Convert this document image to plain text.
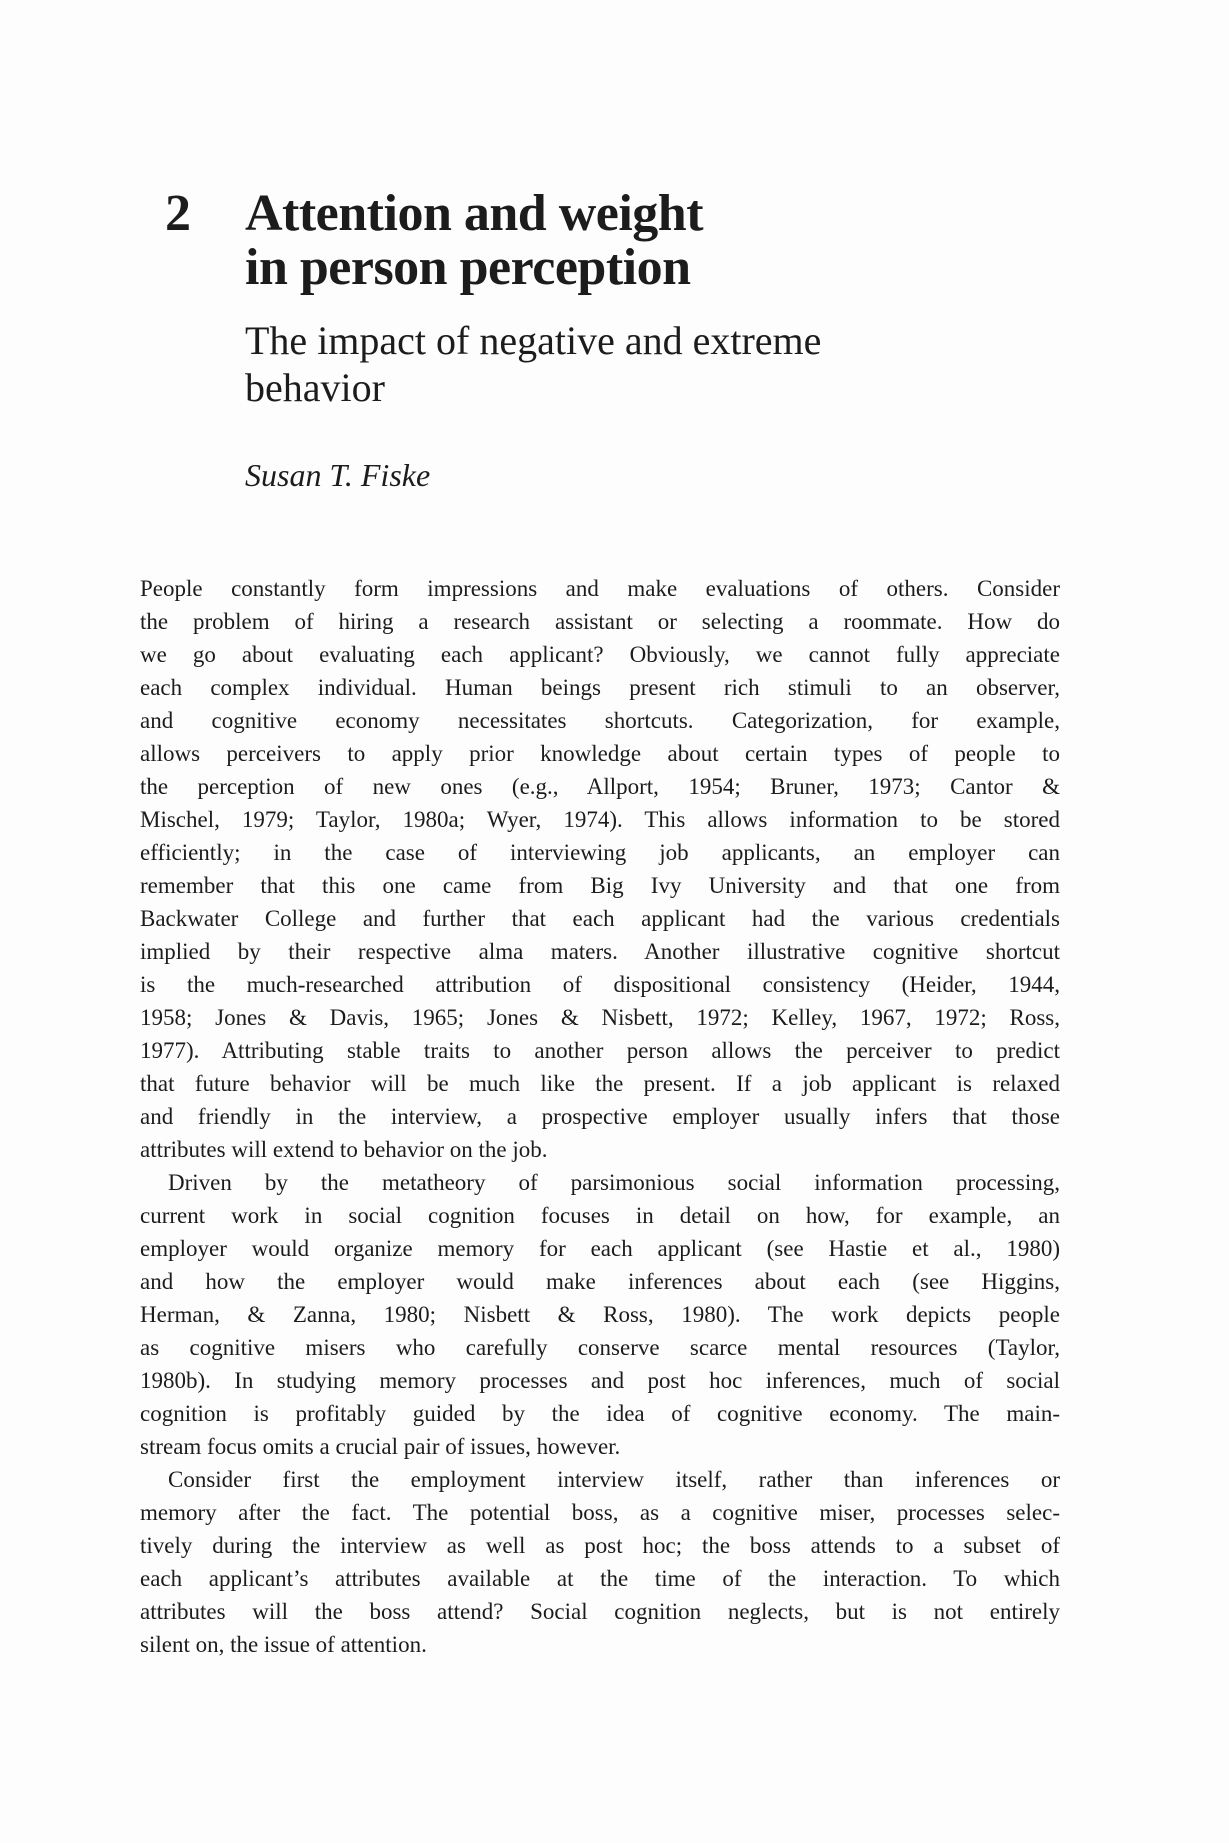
2	Attention and weight
in person perception
The impact of negative and extreme
behavior
Susan T. Fiske
People constantly form impressions and make evaluations of others. Consider
the problem of hiring a research assistant or selecting a roommate. How do
we go about evaluating each applicant? Obviously, we cannot fully appreciate
each complex individual. Human beings present rich stimuli to an observer,
and cognitive economy necessitates shortcuts. Categorization, for example,
allows perceivers to apply prior knowledge about certain types of people to
the perception of new ones (e.g., Allport, 1954; Bruner, 1973; Cantor &
Mischel, 1979; Taylor, 1980a; Wyer, 1974). This allows information to be stored
efficiently; in the case of interviewing job applicants, an employer can
remember that this one came from Big Ivy University and that one from
Backwater College and further that each applicant had the various credentials
implied by their respective alma maters. Another illustrative cognitive shortcut
is the much-researched attribution of dispositional consistency (Heider, 1944,
1958; Jones & Davis, 1965; Jones & Nisbett, 1972; Kelley, 1967, 1972; Ross,
1977). Attributing stable traits to another person allows the perceiver to predict
that future behavior will be much like the present. If a job applicant is relaxed
and friendly in the interview, a prospective employer usually infers that those
attributes will extend to behavior on the job.
Driven by the metatheory of parsimonious social information processing,
current work in social cognition focuses in detail on how, for example, an
employer would organize memory for each applicant (see Hastie et al., 1980)
and how the employer would make inferences about each (see Higgins,
Herman, & Zanna, 1980; Nisbett & Ross, 1980). The work depicts people
as cognitive misers who carefully conserve scarce mental resources (Taylor,
1980b). In studying memory processes and post hoc inferences, much of social
cognition is profitably guided by the idea of cognitive economy. The main-
stream focus omits a crucial pair of issues, however.
Consider first the employment interview itself, rather than inferences or
memory after the fact. The potential boss, as a cognitive miser, processes selec-
tively during the interview as well as post hoc; the boss attends to a subset of
each applicant’s attributes available at the time of the interaction. To which
attributes will the boss attend? Social cognition neglects, but is not entirely
silent on, the issue of attention.
